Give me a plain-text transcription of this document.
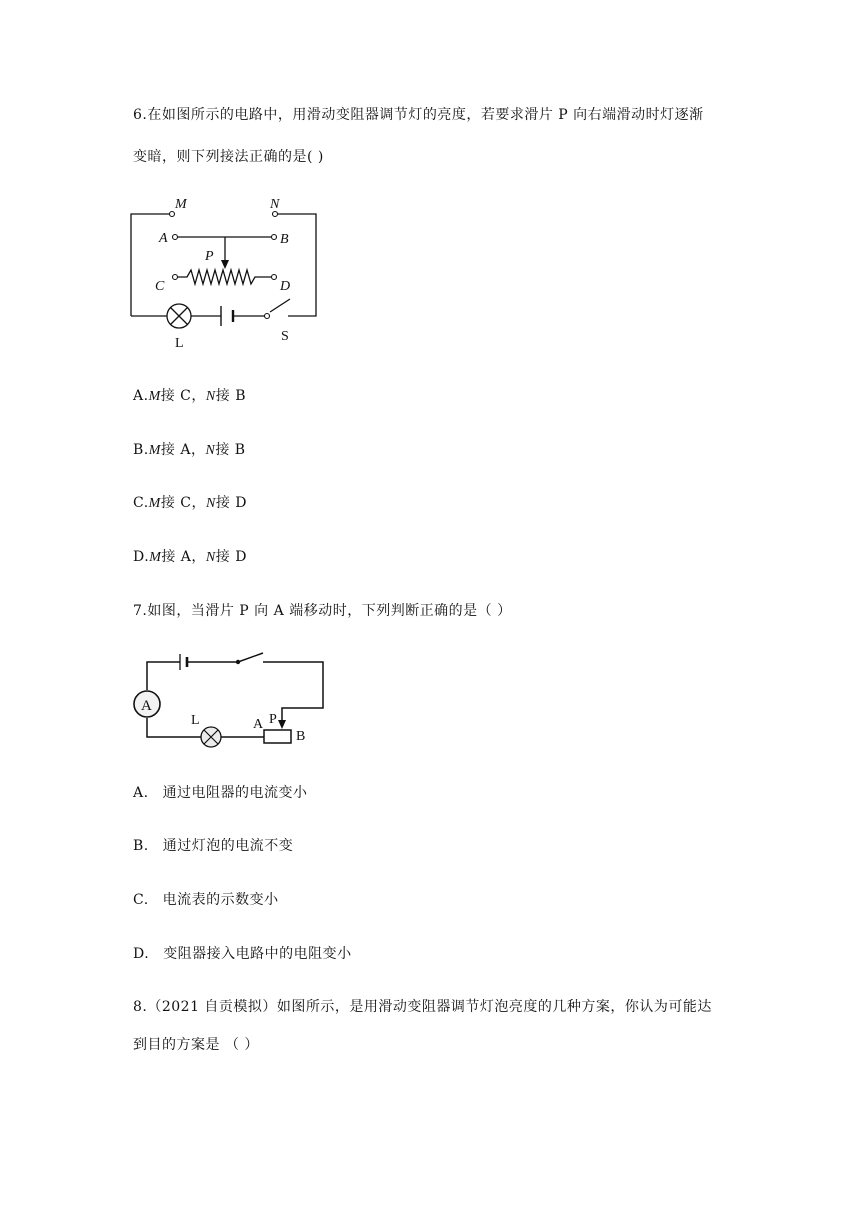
6.在如图所示的电路中，用滑动变阻器调节灯的亮度，若要求滑片 P 向右端滑动时灯逐渐
变暗，则下列接法正确的是( )
M	N
A	B
P
C	D
L	S
A.M接 C，N接 B
B.M接 A，N接 B
C.M接 C，N接 D
D.M接 A，N接 D
7.如图，当滑片 P 向 A 端移动时，下列判断正确的是（ ）
A
L	A P
B
A. 通过电阻器的电流变小
B. 通过灯泡的电流不变
C. 电流表的示数变小
D. 变阻器接入电路中的电阻变小
8.（2021 自贡模拟）如图所示，是用滑动变阻器调节灯泡亮度的几种方案，你认为可能达
到目的方案是 （ ）
